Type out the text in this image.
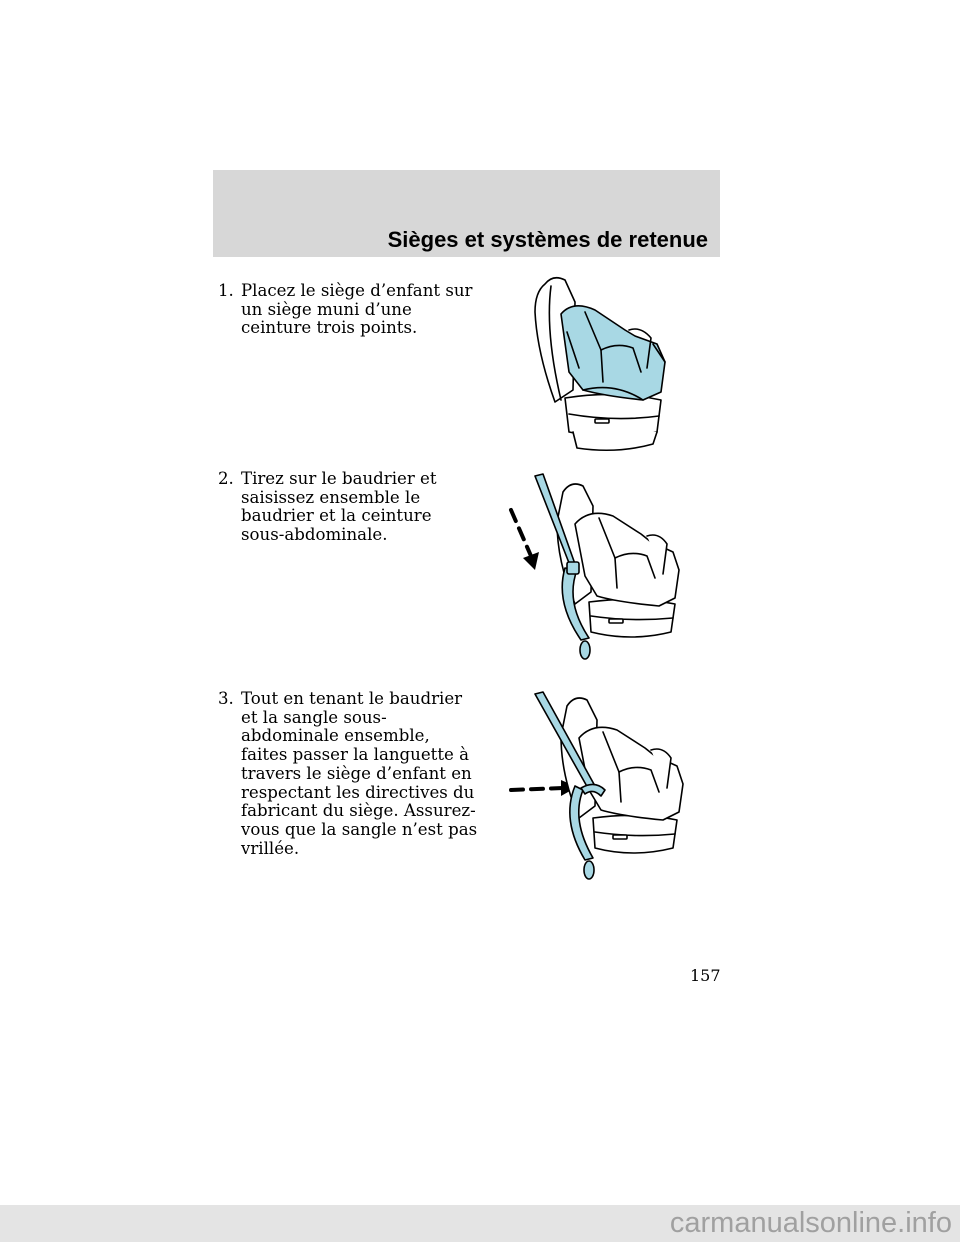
Sièges et systèmes de retenue
1. Placez le siège d’enfant sur un siège muni d’une ceinture trois points.
2. Tirez sur le baudrier et saisissez ensemble le baudrier et la ceinture sous-abdominale.
3. Tout en tenant le baudrier et la sangle sous-abdominale ensemble, faites passer la languette à travers le siège d’enfant en respectant les directives du fabricant du siège. Assurez-vous que la sangle n’est pas vrillée.
157
carmanualsonline.info
